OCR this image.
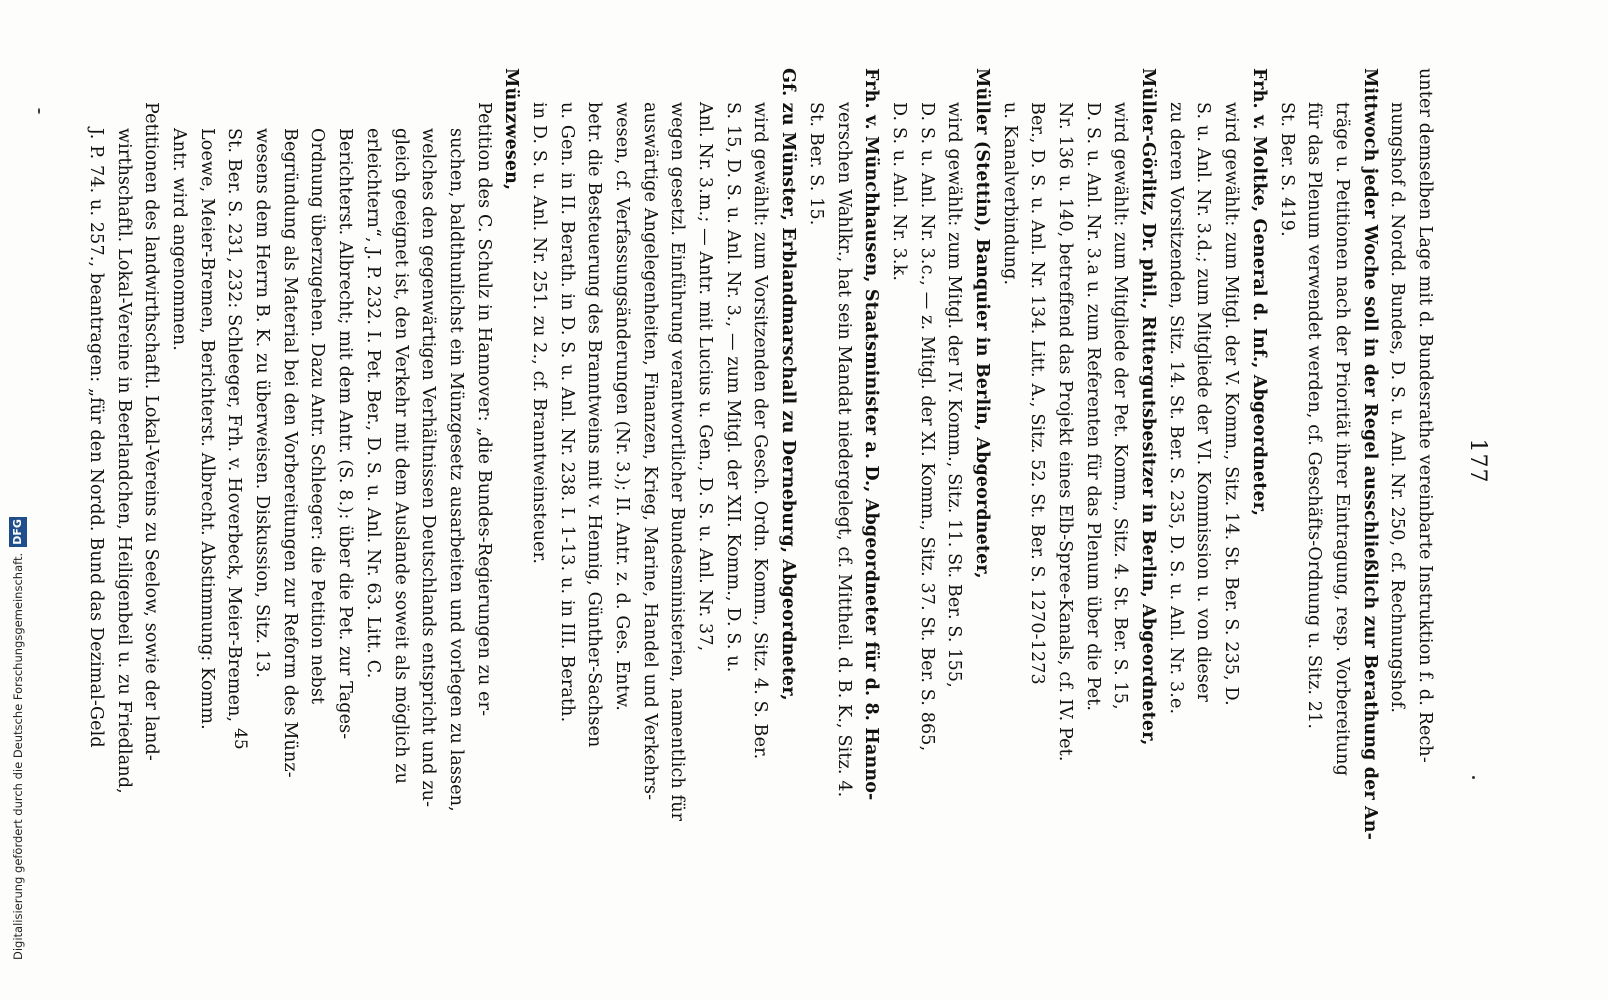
177
unter demselben Lage mit d. Bundesrathe vereinbarte Instruktion f. d. Rech-
nungshof d. Nordd. Bundes, D. S. u. Anl. Nr. 250, cf. Rechnungshof.
Mittwoch jeder Woche soll in der Regel ausschließlich zur Berathung der An-
träge u. Petitionen nach der Priorität ihrer Eintragung, resp. Vorbereitung
für das Plenum verwendet werden, cf. Geschäfts-Ordnung u. Sitz. 21.
St. Ber. S. 419.
Frh. v. Moltke, General d. Inf., Abgeordneter,
wird gewählt: zum Mitgl. der V. Komm., Sitz. 14. St. Ber. S. 235, D.
S. u. Anl. Nr. 3.d.; zum Mitgliede der VI. Kommission u. von dieser
zu deren Vorsitzenden, Sitz. 14. St. Ber. S. 235, D. S. u. Anl. Nr. 3.e.
Müller-Görlitz, Dr. phil., Rittergutsbesitzer in Berlin, Abgeordneter,
wird gewählt: zum Mitgliede der Pet. Komm., Sitz. 4. St. Ber. S. 15,
D. S. u. Anl. Nr. 3.a u. zum Referenten für das Plenum über die Pet.
Nr. 136 u. 140, betreffend das Projekt eines Elb-Spree-Kanals, cf. IV. Pet.
Ber., D. S. u. Anl. Nr. 134. Litt. A., Sitz. 52. St. Ber. S. 1270-1273
u. Kanalverbindung.
Müller (Stettin), Banquier in Berlin, Abgeordneter,
wird gewählt: zum Mitgl. der IV. Komm., Sitz. 11. St. Ber. S. 155,
D. S. u. Anl. Nr. 3.c., — z. Mitgl. der XI. Komm., Sitz. 37. St. Ber. S. 865,
D. S. u. Anl. Nr. 3.k.
Frh. v. Münchhausen, Staatsminister a. D., Abgeordneter für d. 8. Hanno-
verschen Wahlkr., hat sein Mandat niedergelegt, cf. Mittheil. d. B. K., Sitz. 4.
St. Ber. S. 15.
Gf. zu Münster, Erblandmarschall zu Derneburg, Abgeordneter,
wird gewählt: zum Vorsitzenden der Gesch. Ordn. Komm., Sitz. 4. S. Ber.
S. 15, D. S. u. Anl. Nr. 3., — zum Mitgl. der XII. Komm., D. S. u.
Anl. Nr. 3.m.; — Antr. mit Lucius u. Gen., D. S. u. Anl. Nr. 37,
wegen gesetzl. Einführung verantwortlicher Bundesministerien, namentlich für
auswärtige Angelegenheiten, Finanzen, Krieg, Marine, Handel und Verkehrs-
wesen, cf. Verfassungsänderungen (Nr. 3.); II. Antr. z. d. Ges. Entw.
betr. die Besteuerung des Branntweins mit v. Hennig, Günther-Sachsen
u. Gen. in II. Berath. in D. S. u. Anl. Nr. 238. I. 1-13. u. in III. Berath.
in D. S. u. Anl. Nr. 251. zu 2., cf. Branntweinsteuer.
Münzwesen,
Petition des C. Schulz in Hannover: „die Bundes-Regierungen zu er-
suchen, baldthunlichst ein Münzgesetz ausarbeiten und vorlegen zu lassen,
welches den gegenwärtigen Verhältnissen Deutschlands entspricht und zu-
gleich geeignet ist, den Verkehr mit dem Auslande soweit als möglich zu
erleichtern“, J. P. 232. I. Pet. Ber., D. S. u. Anl. Nr. 63. Litt. C.
Berichterst. Albrecht; mit dem Antr. (S. 8.): über die Pet. zur Tages-
Ordnung überzugehen. Dazu Antr. Schleeger: die Petition nebst
Begründung als Material bei den Vorbereitungen zur Reform des Münz-
wesens dem Herrn B. K. zu überweisen. Diskussion, Sitz. 13.
St. Ber. S. 231, 232: Schleeger, Frh. v. Hoverbeck, Meier-Bremen,
Loewe, Meier-Bremen, Berichterst. Albrecht. Abstimmung: Komm.
Antr. wird angenommen.
Petitionen des landwirthschaftl. Lokal-Vereins zu Seelow, sowie der land-
wirthschaftl. Lokal-Vereine in Beerlandchen, Heiligenbeil u. zu Friedland,
J. P. 74. u. 257., beantragen: „für den Nordd. Bund das Dezimal-Geld	45
Digitalisierung gefördert durch die Deutsche Forschungsgemeinschaft.
DFG
